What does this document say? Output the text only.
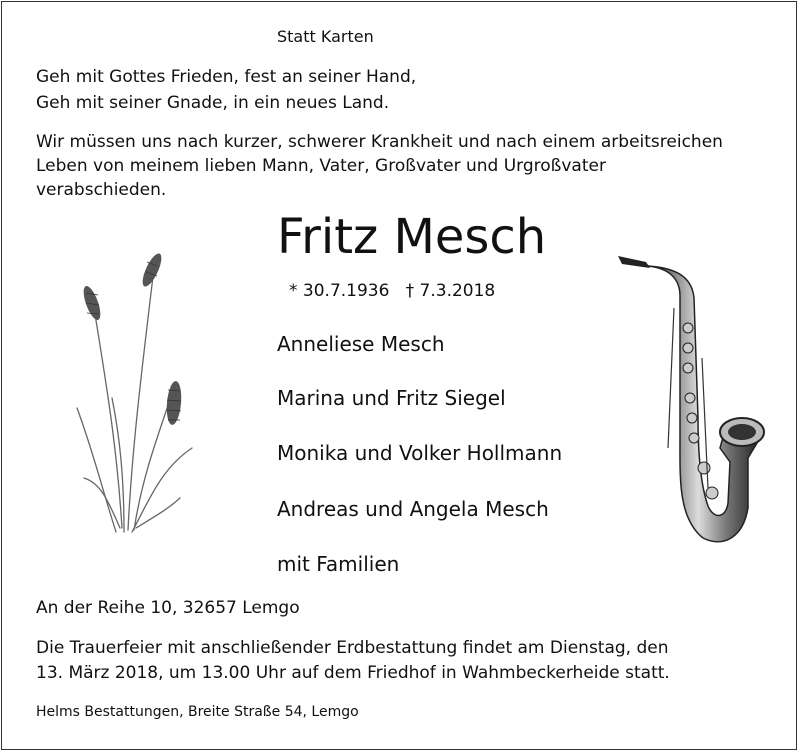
Statt Karten

Geh mit Gottes Frieden, fest an seiner Hand,
Geh mit seiner Gnade, in ein neues Land.
Wir müssen uns nach kurzer, schwerer Krankheit und nach einem arbeitsreichen
Leben von meinem lieben Mann, Vater, Großvater und Urgroßvater
verabschieden.
Fritz Mesch

* 30.7.1936   † 7.3.2018

Anneliese Mesch

Marina und Fritz Siegel

Monika und Volker Hollmann

Andreas und Angela Mesch

mit Familien

An der Reihe 10, 32657 Lemgo

Die Trauerfeier mit anschließender Erdbestattung findet am Dienstag, den
13. März 2018, um 13.00 Uhr auf dem Friedhof in Wahmbeckerheide statt.

Helms Bestattungen, Breite Straße 54, Lemgo
